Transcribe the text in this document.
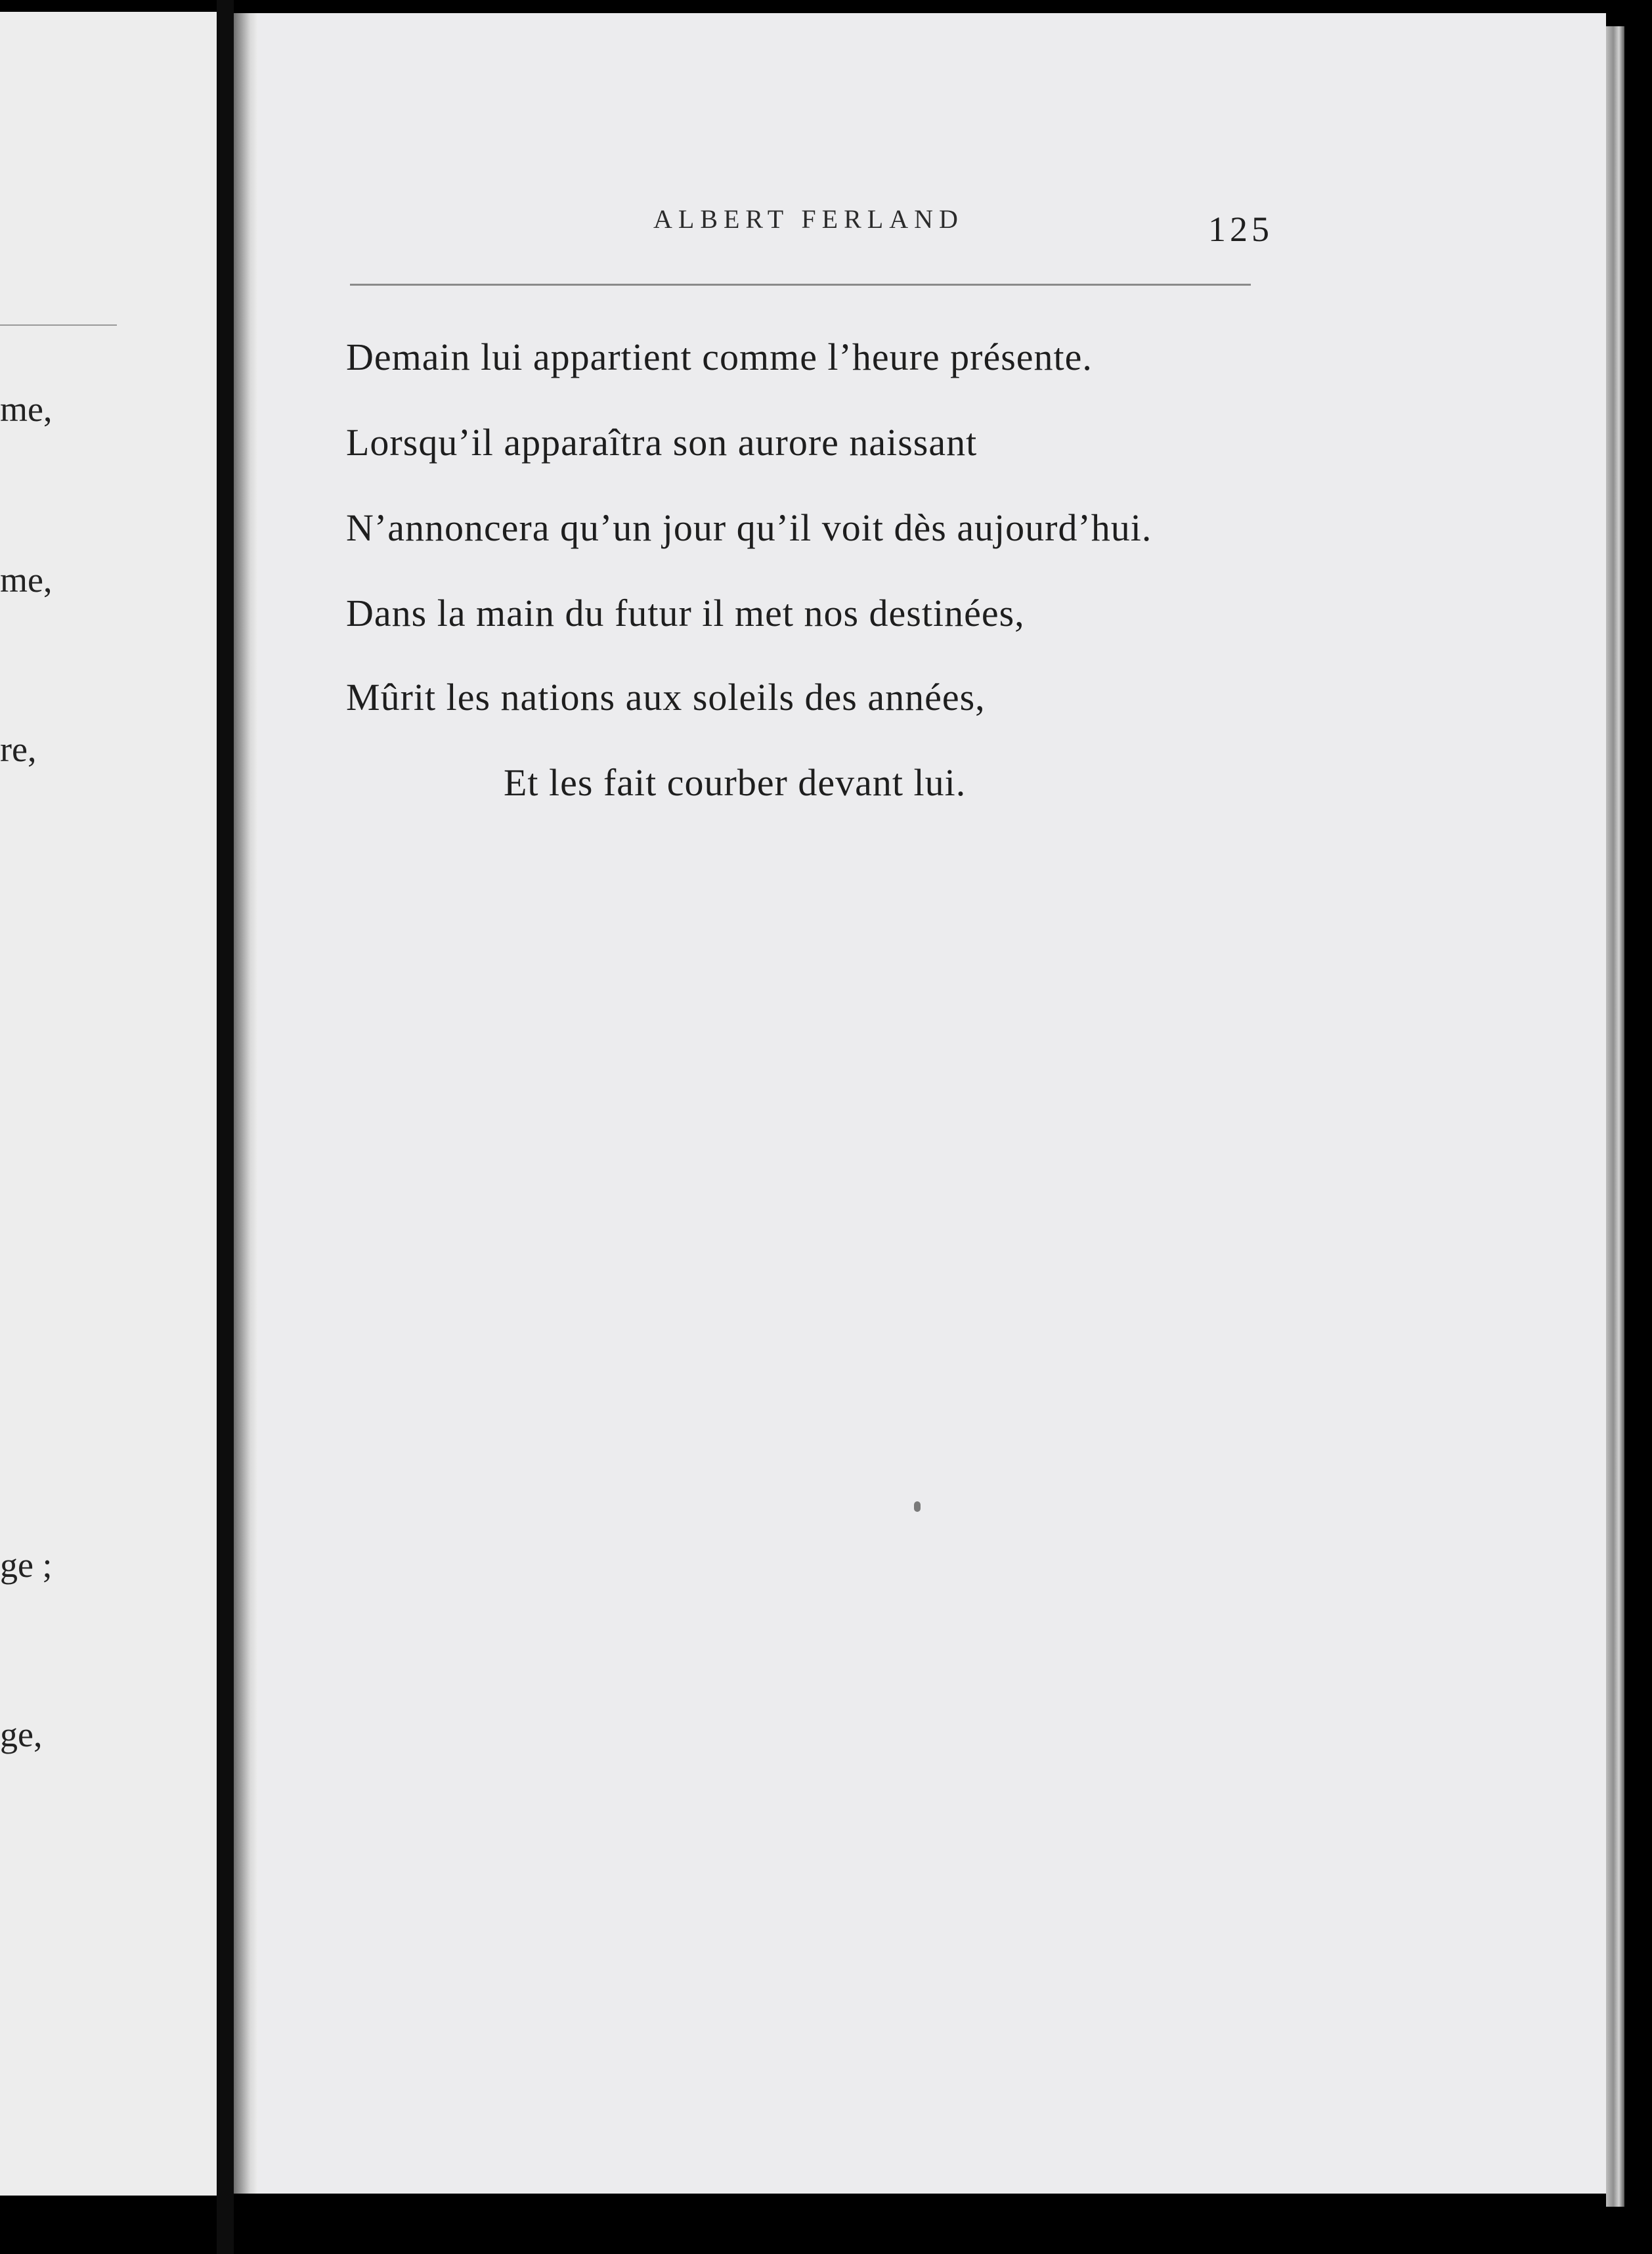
me,
me,
re,
ge ;
ge,
ALBERT FERLAND	125
Demain lui appartient comme l’heure présente.
Lorsqu’il apparaîtra son aurore naissant
N’annoncera qu’un jour qu’il voit dès aujourd’hui.
Dans la main du futur il met nos destinées,
Mûrit les nations aux soleils des années,
Et les fait courber devant lui.
